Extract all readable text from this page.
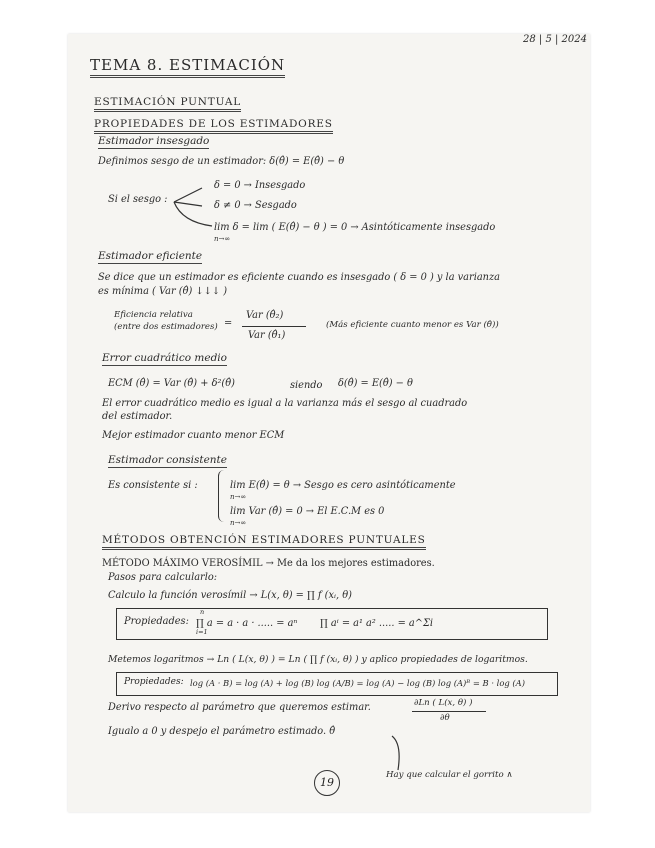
28 | 5 | 2024
TEMA 8. ESTIMACIÓN
ESTIMACIÓN PUNTUAL
PROPIEDADES DE LOS ESTIMADORES
Estimador insesgado
Definimos sesgo de un estimador: δ(θ̂) = E(θ̂) − θ
Si el sesgo :
δ = 0 → Insesgado
δ ≠ 0 → Sesgado
lim δ = lim ( E(θ̂) − θ ) = 0 → Asintóticamente insesgado
n→∞
Estimador eficiente
Se dice que un estimador es eficiente cuando es insesgado ( δ = 0 ) y la varianza
es mínima ( Var (θ̂) ↓↓↓ )
Eficiencia relativa
(entre dos estimadores) =
Var (θ̂₂)
Var (θ̂₁)
(Más eficiente cuanto menor es Var (θ̂))
Error cuadrático medio
ECM (θ̂) = Var (θ̂) + δ²(θ̂)	siendo δ(θ̂) = E(θ̂) − θ
El error cuadrático medio es igual a la varianza más el sesgo al cuadrado
del estimador.
Mejor estimador cuanto menor ECM
Estimador consistente
Es consistente si :	lim E(θ̂) = θ → Sesgo es cero asintóticamente
n→∞
lim Var (θ̂) = 0 → El E.C.M es 0
n→∞
MÉTODOS OBTENCIÓN ESTIMADORES PUNTUALES
MÉTODO MÁXIMO VEROSÍMIL → Me da los mejores estimadores.
Pasos para calcularlo:
Calculo la función verosímil → L(x, θ) = ∏ f (xᵢ, θ)
Propiedades:
n
∏ a = a · a · ..... = aⁿ
i=1
∏ aⁱ = a¹ a² ..... = a^Σi
Metemos logaritmos → Ln ( L(x, θ) ) = Ln ( ∏ f (xᵢ, θ) ) y aplico propiedades de logaritmos.
Propiedades: log (A · B) = log (A) + log (B) log (A/B) = log (A) − log (B) log (A)ᴮ = B · log (A)
Derivo respecto al parámetro que queremos estimar.	∂Ln ( L(x, θ) )
∂θ
Igualo a 0 y despejo el parámetro estimado. θ̂
Hay que calcular el gorrito ∧
19
